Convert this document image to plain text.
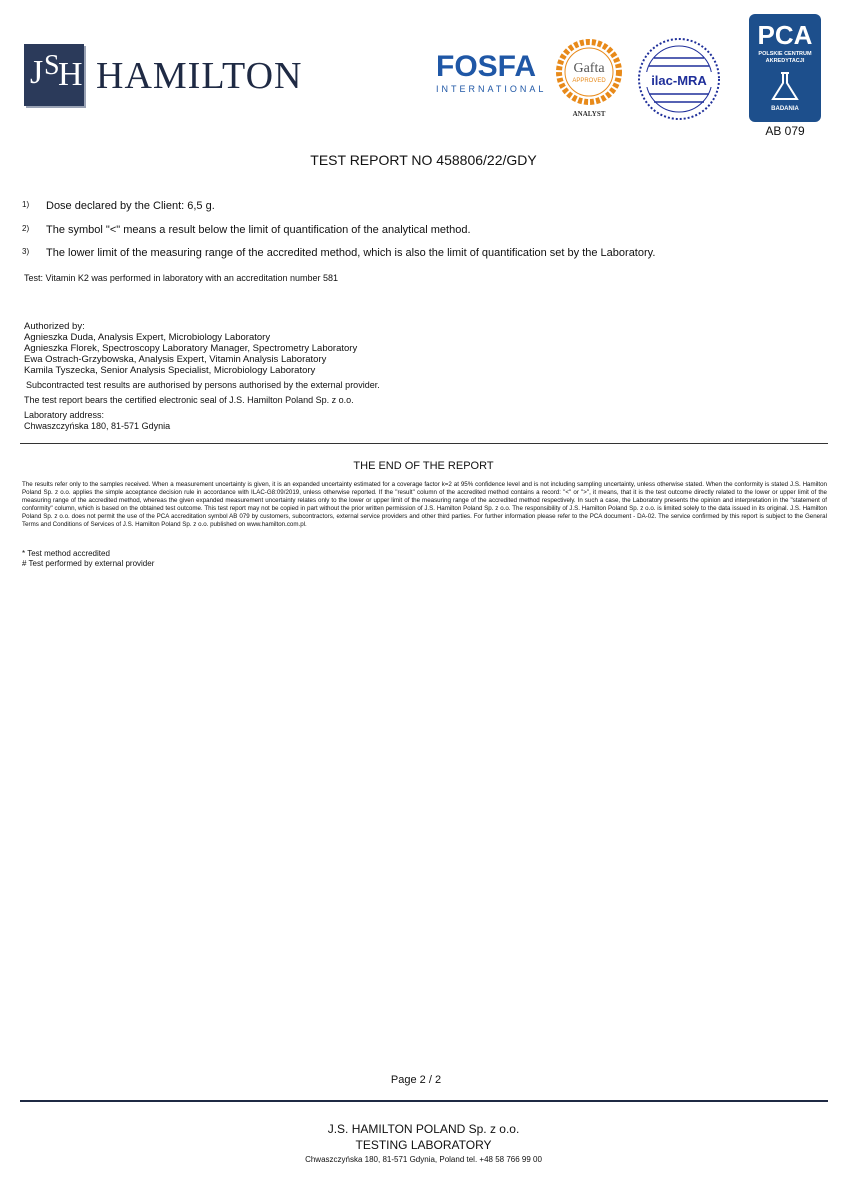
J S
H HAMILTON	FOSFA
INTERNATIONAL
Gafta
APPROVED
ANALYST
ilac-MRA
PCA
POLSKIE CENTRUM AKREDYTACJI
BADANIA
AB 079
TEST REPORT NO 458806/22/GDY
1) Dose declared by the Client: 6,5 g.
2) The symbol "<" means a result below the limit of quantification of the analytical method.
3) The lower limit of the measuring range of the accredited method, which is also the limit of quantification set by the Laboratory.
Test: Vitamin K2 was performed in laboratory with an accreditation number 581
Authorized by:
Agnieszka Duda, Analysis Expert, Microbiology Laboratory
Agnieszka Florek, Spectroscopy Laboratory Manager, Spectrometry Laboratory
Ewa Ostrach-Grzybowska, Analysis Expert, Vitamin Analysis Laboratory
Kamila Tyszecka, Senior Analysis Specialist, Microbiology Laboratory
Subcontracted test results are authorised by persons authorised by the external provider.
The test report bears the certified electronic seal of J.S. Hamilton Poland Sp. z o.o.
Laboratory address:
Chwaszczyńska 180, 81-571 Gdynia
THE END OF THE REPORT
The results refer only to the samples received. When a measurement uncertainty is given, it is an expanded uncertainty estimated for a coverage factor k=2 at 95% confidence level and is not including sampling uncertainty, unless otherwise stated. When the conformity is stated J.S. Hamilton Poland Sp. z o.o. applies the simple acceptance decision rule in accordance with ILAC-G8:09/2019, unless otherwise reported. If the "result" column of the accredited method contains a record: "<" or ">", it means, that it is the test outcome directly related to the lower or upper limit of the measuring range of the accredited method, whereas the given expanded measurement uncertainty relates only to the lower or upper limit of the measuring range of the accredited method respectively. In such a case, the Laboratory presents the opinion and interpretation in the "statement of conformity" column, which is based on the obtained test outcome. This test report may not be copied in part without the prior written permission of J.S. Hamilton Poland Sp. z o.o. The responsibility of J.S. Hamilton Poland Sp. z o.o. is limited solely to the data issued in its original. J.S. Hamilton Poland Sp. z o.o. does not permit the use of the PCA accreditation symbol AB 079 by customers, subcontractors, external service providers and other third parties. For further information please refer to the PCA document - DA-02. The service confirmed by this report is subject to the General Terms and Conditions of Services of J.S. Hamilton Poland Sp. z o.o. published on www.hamilton.com.pl.
* Test method accredited
# Test performed by external provider
Page 2 / 2
J.S. HAMILTON POLAND Sp. z o.o.
TESTING LABORATORY
Chwaszczyńska 180, 81-571 Gdynia, Poland tel. +48 58 766 99 00
